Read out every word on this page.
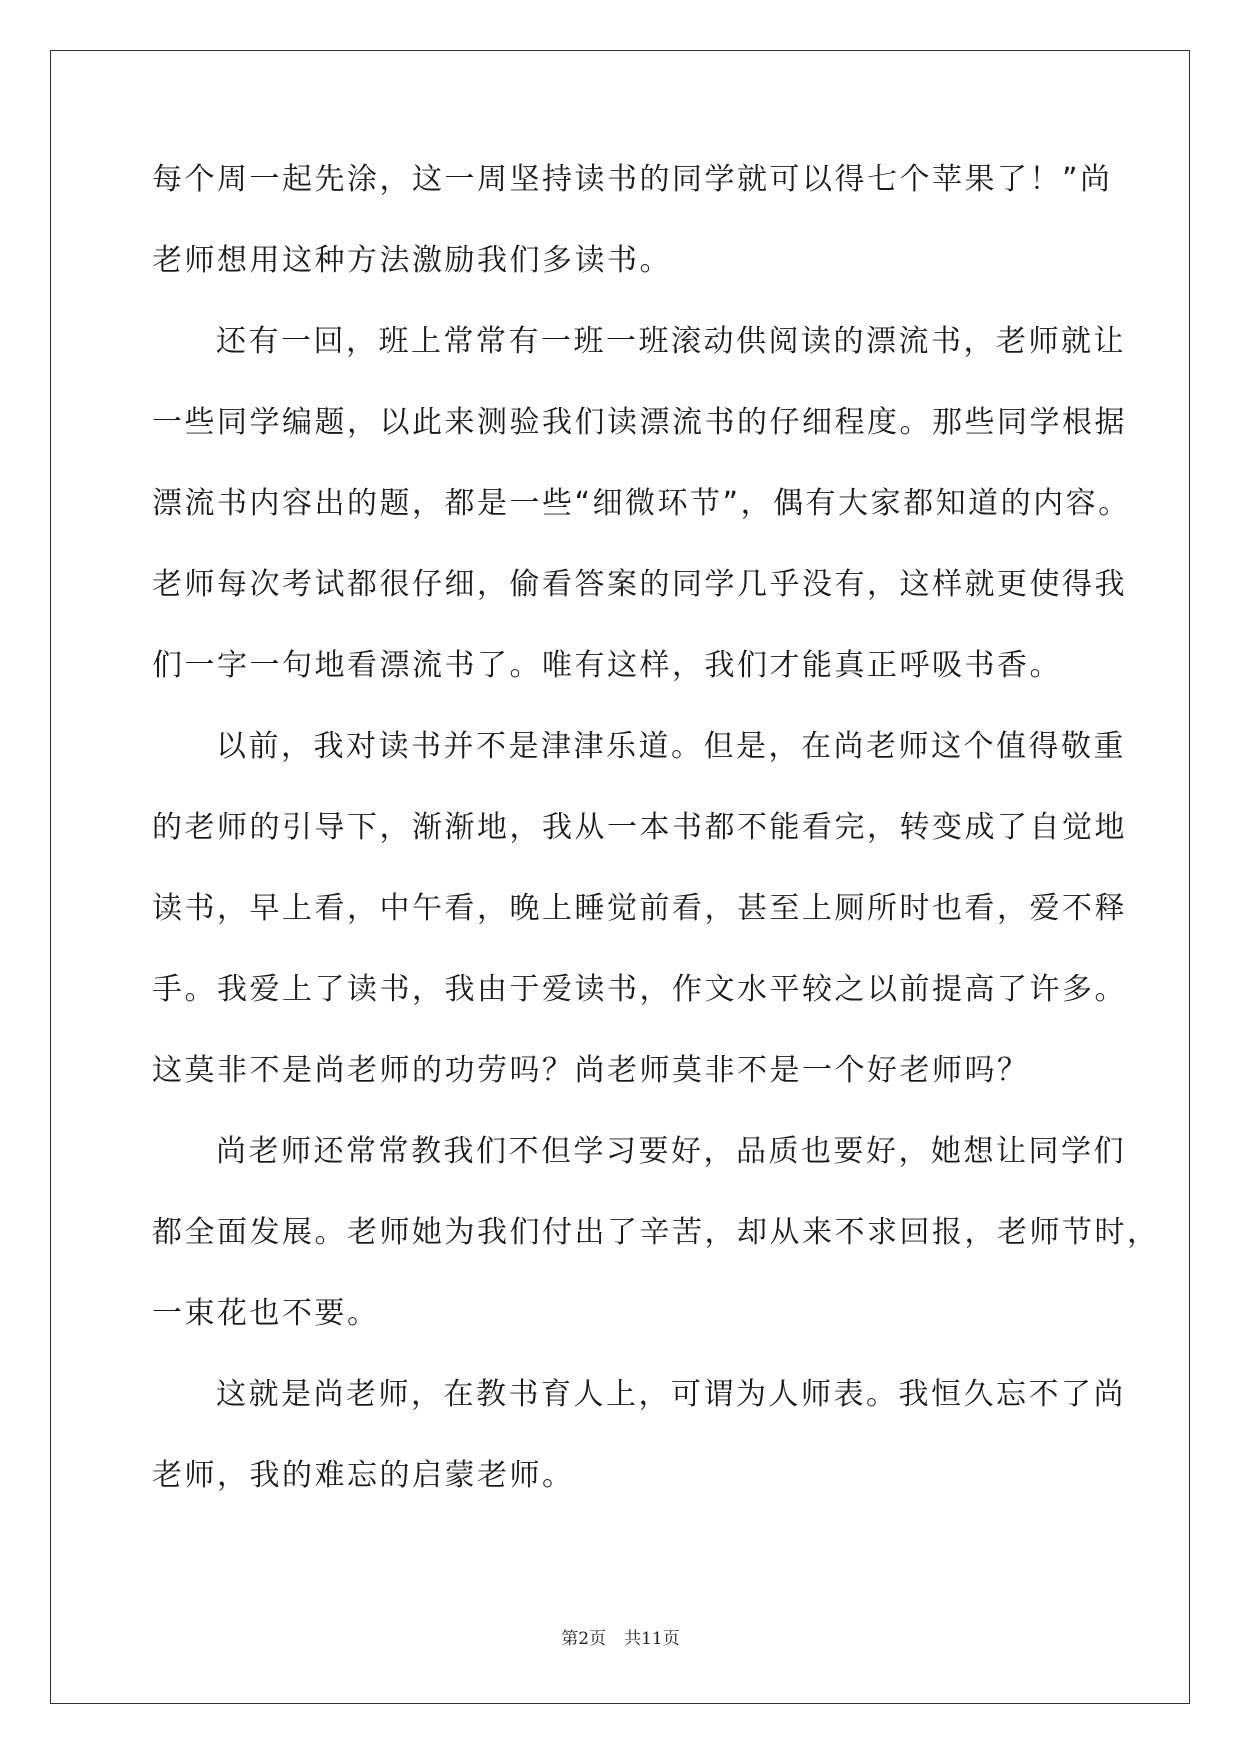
每个周一起先涂，这一周坚持读书的同学就可以得七个苹果了！”尚
老师想用这种方法激励我们多读书。
还有一回，班上常常有一班一班滚动供阅读的漂流书，老师就让
一些同学编题，以此来测验我们读漂流书的仔细程度。那些同学根据
漂流书内容出的题，都是一些“细微环节”，偶有大家都知道的内容。
老师每次考试都很仔细，偷看答案的同学几乎没有，这样就更使得我
们一字一句地看漂流书了。唯有这样，我们才能真正呼吸书香。
以前，我对读书并不是津津乐道。但是，在尚老师这个值得敬重
的老师的引导下，渐渐地，我从一本书都不能看完，转变成了自觉地
读书，早上看，中午看，晚上睡觉前看，甚至上厕所时也看，爱不释
手。我爱上了读书，我由于爱读书，作文水平较之以前提高了许多。
这莫非不是尚老师的功劳吗？尚老师莫非不是一个好老师吗？
尚老师还常常教我们不但学习要好，品质也要好，她想让同学们
都全面发展。老师她为我们付出了辛苦，却从来不求回报，老师节时，
一束花也不要。
这就是尚老师，在教书育人上，可谓为人师表。我恒久忘不了尚
老师，我的难忘的启蒙老师。
第2页 共11页
